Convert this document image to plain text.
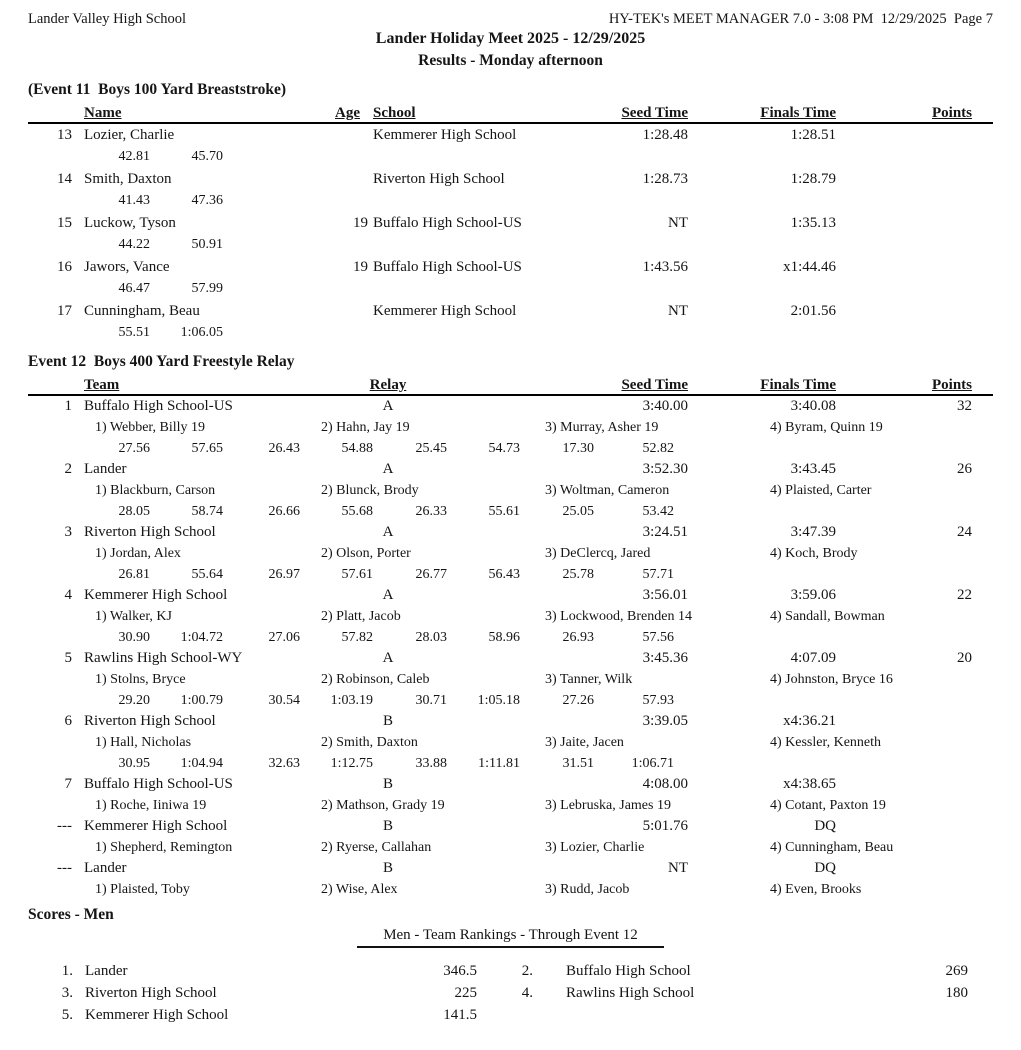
Lander Valley High School	HY-TEK's MEET MANAGER 7.0 - 3:08 PM  12/29/2025  Page 7
Lander Holiday Meet 2025 - 12/29/2025
Results - Monday afternoon
(Event 11  Boys 100 Yard Breaststroke)
Name	Age School	Seed Time	Finals Time	Points
13 Lozier, Charlie	Kemmerer High School	1:28.48	1:28.51
42.81	45.70
14 Smith, Daxton	Riverton High School	1:28.73	1:28.79
41.43	47.36
15 Luckow, Tyson	19 Buffalo High School-US	NT	1:35.13
44.22	50.91
16 Jawors, Vance	19 Buffalo High School-US	1:43.56	x1:44.46
46.47	57.99
17 Cunningham, Beau	Kemmerer High School	NT	2:01.56
55.51	1:06.05
Event 12  Boys 400 Yard Freestyle Relay
Team	Relay	Seed Time	Finals Time	Points
1 Buffalo High School-US	A	3:40.00	3:40.08	32
1) Webber, Billy 19	2) Hahn, Jay 19	3) Murray, Asher 19	4) Byram, Quinn 19
27.56	57.65	26.43	54.88	25.45	54.73	17.30	52.82
2 Lander	A	3:52.30	3:43.45	26
1) Blackburn, Carson	2) Blunck, Brody	3) Woltman, Cameron	4) Plaisted, Carter
28.05	58.74	26.66	55.68	26.33	55.61	25.05	53.42
3 Riverton High School	A	3:24.51	3:47.39	24
1) Jordan, Alex	2) Olson, Porter	3) DeClercq, Jared	4) Koch, Brody
26.81	55.64	26.97	57.61	26.77	56.43	25.78	57.71
4 Kemmerer High School	A	3:56.01	3:59.06	22
1) Walker, KJ	2) Platt, Jacob	3) Lockwood, Brenden 14	4) Sandall, Bowman
30.90	1:04.72	27.06	57.82	28.03	58.96	26.93	57.56
5 Rawlins High School-WY	A	3:45.36	4:07.09	20
1) Stolns, Bryce	2) Robinson, Caleb	3) Tanner, Wilk	4) Johnston, Bryce 16
29.20	1:00.79	30.54	1:03.19	30.71	1:05.18	27.26	57.93
6 Riverton High School	B	3:39.05	x4:36.21
1) Hall, Nicholas	2) Smith, Daxton	3) Jaite, Jacen	4) Kessler, Kenneth
30.95	1:04.94	32.63	1:12.75	33.88	1:11.81	31.51	1:06.71
7 Buffalo High School-US	B	4:08.00	x4:38.65
1) Roche, Iiniwa 19	2) Mathson, Grady 19	3) Lebruska, James 19	4) Cotant, Paxton 19
--- Kemmerer High School	B	5:01.76	DQ
1) Shepherd, Remington	2) Ryerse, Callahan	3) Lozier, Charlie	4) Cunningham, Beau
--- Lander	B	NT	DQ
1) Plaisted, Toby	2) Wise, Alex	3) Rudd, Jacob	4) Even, Brooks
Scores - Men
Men - Team Rankings - Through Event 12
1. Lander	346.5	2. Buffalo High School	269
3. Riverton High School	225	4. Rawlins High School	180
5. Kemmerer High School	141.5
